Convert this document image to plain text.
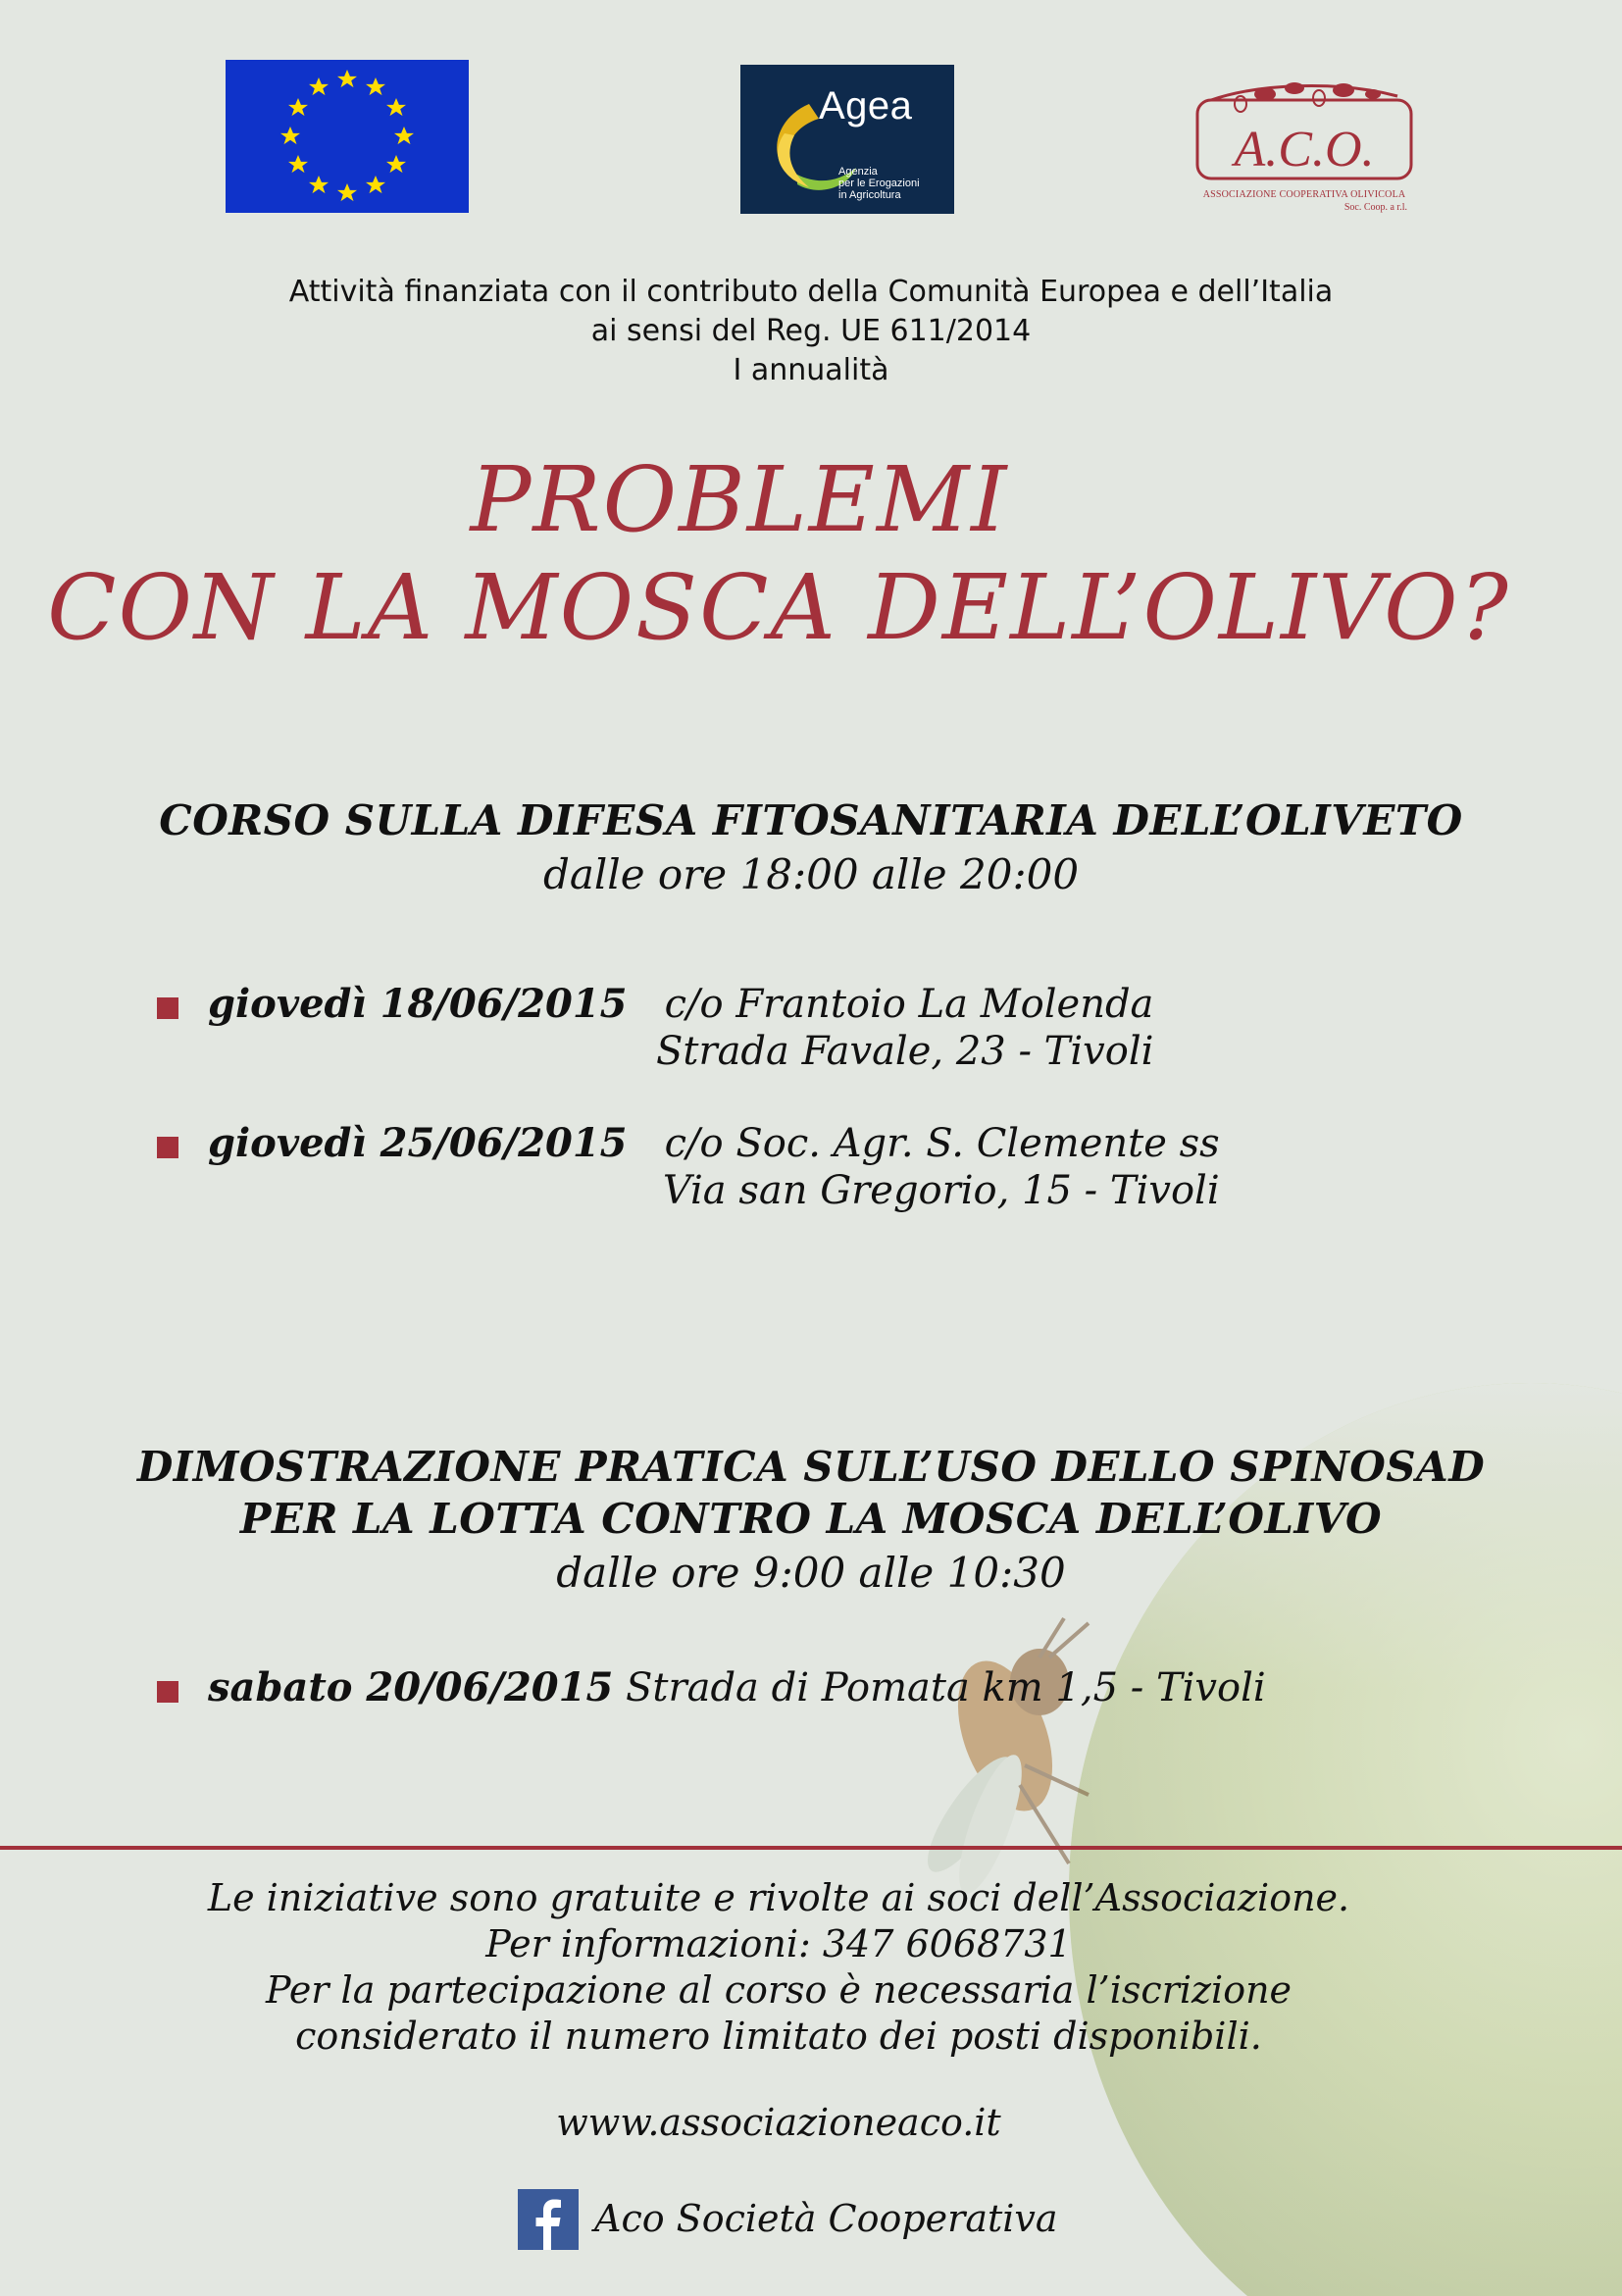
Agea
Agenzia
per le Erogazioni
in Agricoltura
A.C.O.
ASSOCIAZIONE COOPERATIVA OLIVICOLA
Soc. Coop. a r.l.
Attività finanziata con il contributo della Comunità Europea e dell’Italia
ai sensi del Reg. UE 611/2014
I annualità
PROBLEMI
CON LA MOSCA DELL’OLIVO?
CORSO SULLA DIFESA FITOSANITARIA DELL’OLIVETO
dalle ore 18:00 alle 20:00
giovedì 18/06/2015 c/o Frantoio La Molenda
Strada Favale, 23 - Tivoli
giovedì 25/06/2015 c/o Soc. Agr. S. Clemente ss
Via san Gregorio, 15 - Tivoli
DIMOSTRAZIONE PRATICA SULL’USO DELLO SPINOSAD
PER LA LOTTA CONTRO LA MOSCA DELL’OLIVO
dalle ore 9:00 alle 10:30
sabato 20/06/2015 Strada di Pomata km 1,5 - Tivoli
Le iniziative sono gratuite e rivolte ai soci dell’Associazione.
Per informazioni: 347 6068731
Per la partecipazione al corso è necessaria l’iscrizione
considerato il numero limitato dei posti disponibili.
www.associazioneaco.it
Aco Società Cooperativa
